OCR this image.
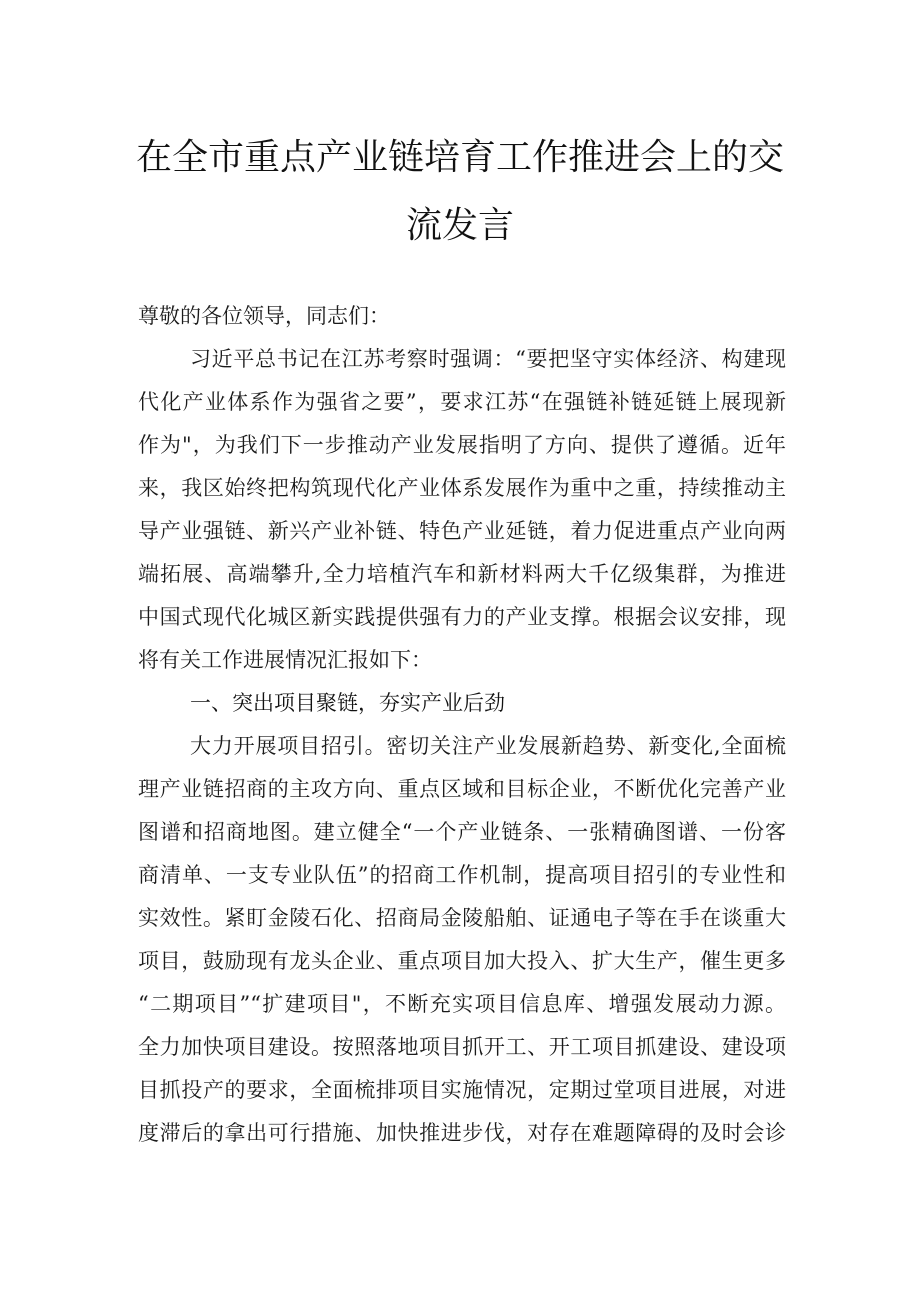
在全市重点产业链培育工作推进会上的交
流发言
尊敬的各位领导，同志们：
习近平总书记在江苏考察时强调：“要把坚守实体经济、构建现
代化产业体系作为强省之要”，要求江苏“在强链补链延链上展现新
作为"，为我们下一步推动产业发展指明了方向、提供了遵循。近年
来，我区始终把构筑现代化产业体系发展作为重中之重，持续推动主
导产业强链、新兴产业补链、特色产业延链，着力促进重点产业向两
端拓展、高端攀升,全力培植汽车和新材料两大千亿级集群，为推进
中国式现代化城区新实践提供强有力的产业支撑。根据会议安排，现
将有关工作进展情况汇报如下：
一、突出项目聚链，夯实产业后劲
大力开展项目招引。密切关注产业发展新趋势、新变化,全面梳
理产业链招商的主攻方向、重点区域和目标企业，不断优化完善产业
图谱和招商地图。建立健全“一个产业链条、一张精确图谱、一份客
商清单、一支专业队伍”的招商工作机制，提高项目招引的专业性和
实效性。紧盯金陵石化、招商局金陵船舶、证通电子等在手在谈重大
项目，鼓励现有龙头企业、重点项目加大投入、扩大生产，催生更多
“二期项目”“扩建项目"，不断充实项目信息库、增强发展动力源。
全力加快项目建设。按照落地项目抓开工、开工项目抓建设、建设项
目抓投产的要求，全面梳排项目实施情况，定期过堂项目进展，对进
度滞后的拿出可行措施、加快推进步伐，对存在难题障碍的及时会诊
